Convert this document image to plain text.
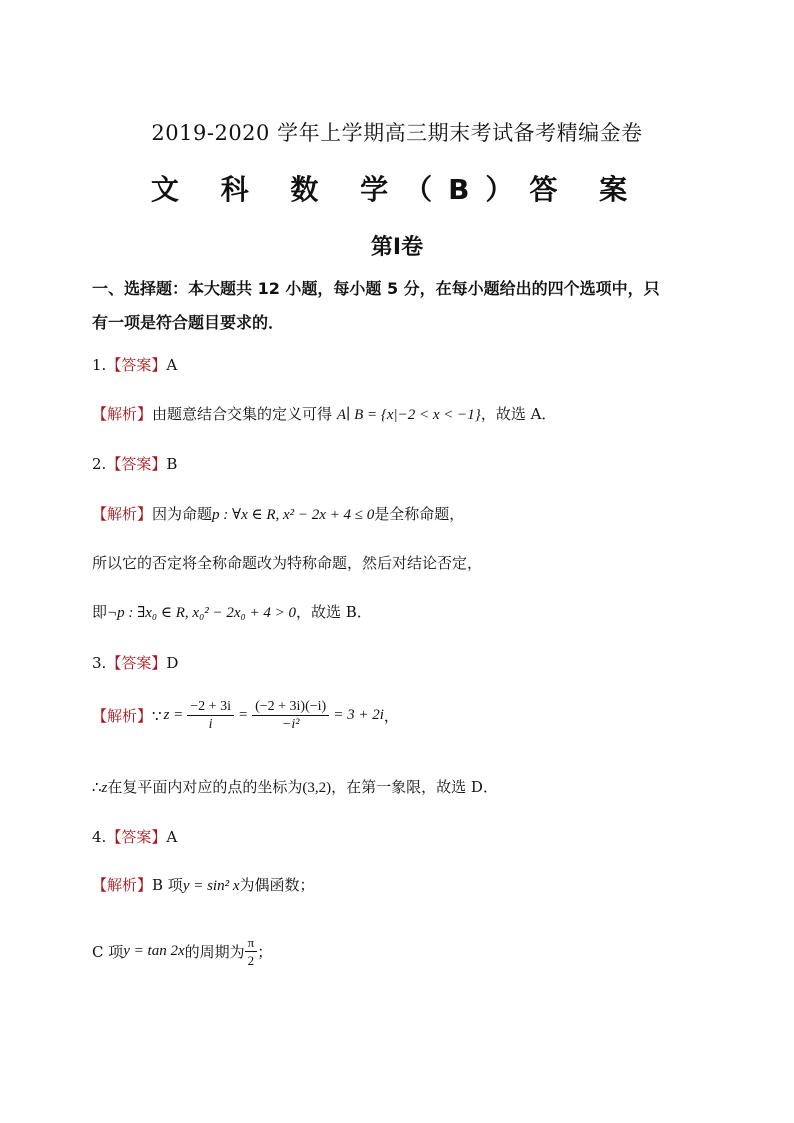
2019-2020 学年上学期高三期末考试备考精编金卷
文 科 数 学（B）答 案
第Ⅰ卷
一、选择题：本大题共 12 小题，每小题 5 分，在每小题给出的四个选项中，只
有一项是符合题目要求的．
1.【答案】A
【解析】由题意结合交集的定义可得 A∣ B = {x|−2 < x < −1}，故选 A．
2.【答案】B
【解析】因为命题p : ∀x ∈ R, x² − 2x + 4 ≤ 0是全称命题，
所以它的否定将全称命题改为特称命题，然后对结论否定，
即¬p : ∃x₀ ∈ R, x₀² − 2x₀ + 4 > 0，故选 B．
3.【答案】D
【解析】 ∵ $z = \frac{-2 + 3i}{i} = \frac{(-2 + 3i)(-i)}{\text{−i²}} = 3 + 2i$ ，
∴z在复平面内对应的点的坐标为(3,2)，在第一象限，故选 D．
4.【答案】A
【解析】B 项y = sin² x为偶函数；
C 项 y = tan 2x 的周期为 $\frac{\pi}{2}$ ；
